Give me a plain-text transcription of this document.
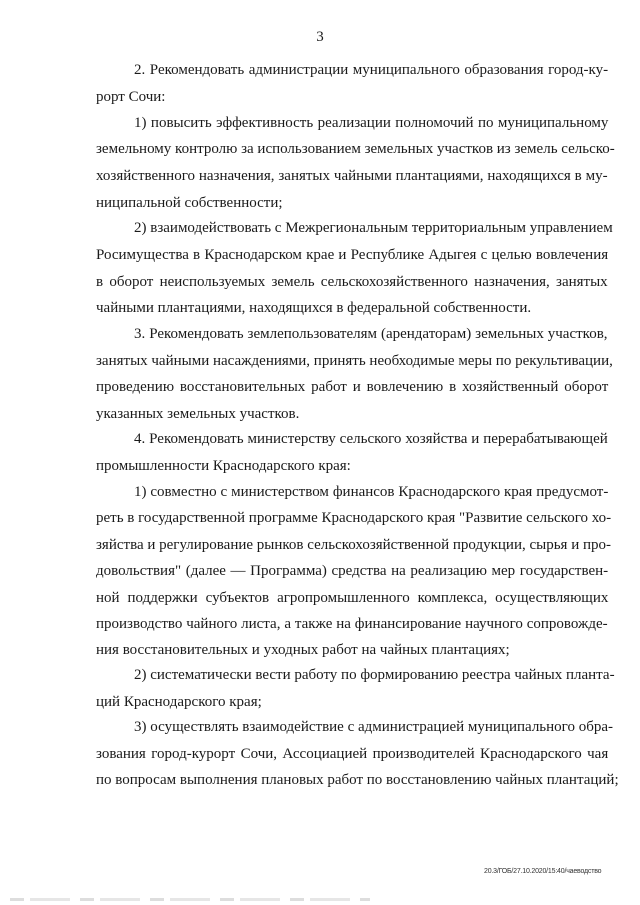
3
2. Рекомендовать администрации муниципального образования город-ку-
рорт Сочи:
1) повысить эффективность реализации полномочий по муниципальному
земельному контролю за использованием земельных участков из земель сельско-
хозяйственного назначения, занятых чайными плантациями, находящихся в му-
ниципальной собственности;
2) взаимодействовать с Межрегиональным территориальным управлением
Росимущества в Краснодарском крае и Республике Адыгея с целью вовлечения
в оборот неиспользуемых земель сельскохозяйственного назначения, занятых
чайными плантациями, находящихся в федеральной собственности.
3. Рекомендовать землепользователям (арендаторам) земельных участков,
занятых чайными насаждениями, принять необходимые меры по рекультивации,
проведению восстановительных работ и вовлечению в хозяйственный оборот
указанных земельных участков.
4. Рекомендовать министерству сельского хозяйства и перерабатывающей
промышленности Краснодарского края:
1) совместно с министерством финансов Краснодарского края предусмот-
реть в государственной программе Краснодарского края "Развитие сельского хо-
зяйства и регулирование рынков сельскохозяйственной продукции, сырья и про-
довольствия" (далее — Программа) средства на реализацию мер государствен-
ной поддержки субъектов агропромышленного комплекса, осуществляющих
производство чайного листа, а также на финансирование научного сопровожде-
ния восстановительных и уходных работ на чайных плантациях;
2) систематически вести работу по формированию реестра чайных планта-
ций Краснодарского края;
3) осуществлять взаимодействие с администрацией муниципального обра-
зования город-курорт Сочи, Ассоциацией производителей Краснодарского чая
по вопросам выполнения плановых работ по восстановлению чайных плантаций;
20.3/ГОБ/27.10.2020/15:40/чаеводство
